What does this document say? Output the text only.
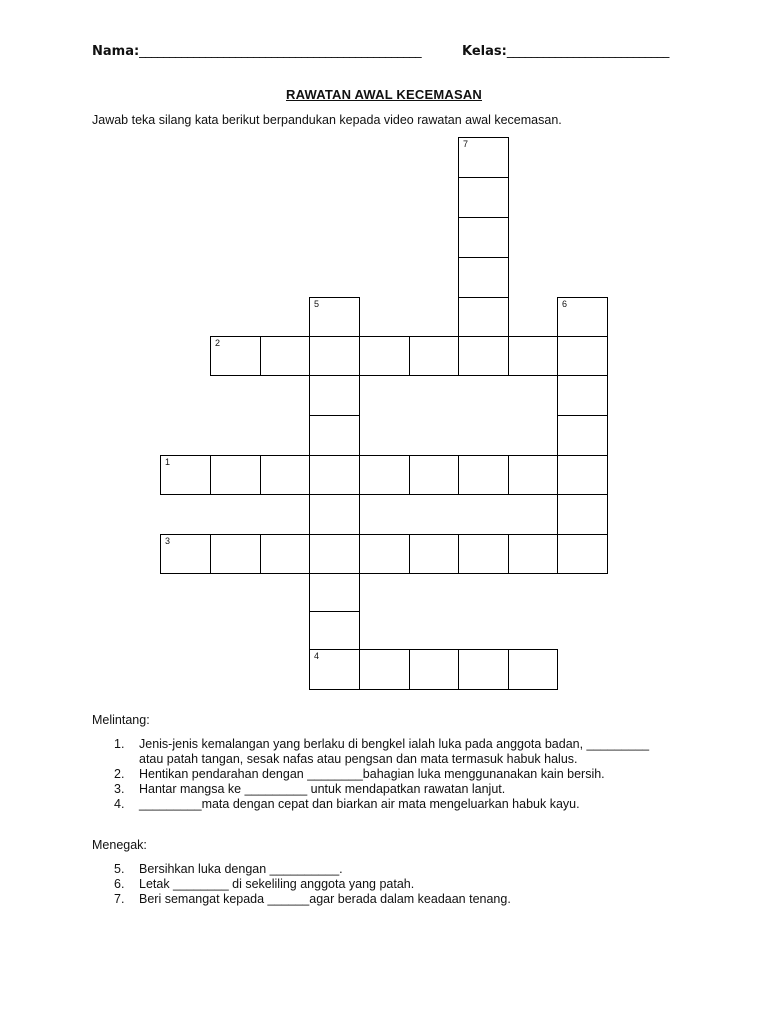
Nama:_______________________________________________	Kelas:___________________________
RAWATAN AWAL KECEMASAN
Jawab teka silang kata berikut berpandukan kepada video rawatan awal kecemasan.
7
5	6
2
1
3
4
Melintang:
1. Jenis-jenis kemalangan yang berlaku di bengkel ialah luka pada anggota badan, _________
atau patah tangan, sesak nafas atau pengsan dan mata termasuk habuk halus.
2. Hentikan pendarahan dengan ________bahagian luka menggunanakan kain bersih.
3. Hantar mangsa ke _________ untuk mendapatkan rawatan lanjut.
4. _________mata dengan cepat dan biarkan air mata mengeluarkan habuk kayu.
Menegak:
5. Bersihkan luka dengan __________.
6. Letak ________ di sekeliling anggota yang patah.
7. Beri semangat kepada ______agar berada dalam keadaan tenang.
